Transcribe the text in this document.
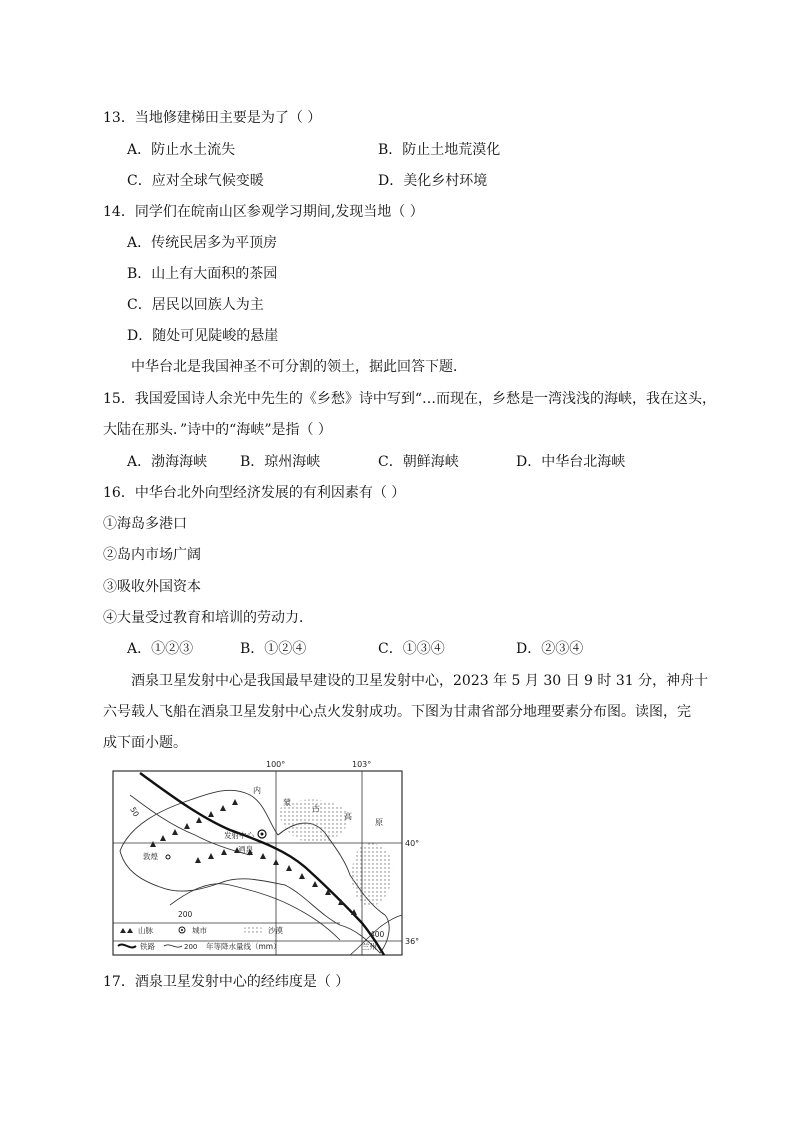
13．当地修建梯田主要是为了（ ）
A．防止水土流失	B．防止土地荒漠化
C．应对全球气候变暖	D．美化乡村环境
14．同学们在皖南山区参观学习期间,发现当地（ ）
A．传统民居多为平顶房
B．山上有大面积的茶园
C．居民以回族人为主
D．随处可见陡峻的悬崖
中华台北是我国神圣不可分割的领土，据此回答下题．
15．我国爱国诗人余光中先生的《乡愁》诗中写到“…而现在，乡愁是一湾浅浅的海峡，我在这头，
大陆在那头．”诗中的“海峡”是指（ ）
A．渤海海峡 B．琼州海峡	C．朝鲜海峡	D．中华台北海峡
16．中华台北外向型经济发展的有利因素有（ ）
①海岛多港口
②岛内市场广阔
③吸收外国资本
④大量受过教育和培训的劳动力．
A．①②③	B．①②④	C．①③④	D．②③④
酒泉卫星发射中心是我国最早建设的卫星发射中心，2023 年 5 月 30 日 9 时 31 分，神舟十
六号载人飞船在酒泉卫星发射中心点火发射成功。下图为甘肃省部分地理要素分布图。读图，完
成下面小题。
100°	103°
40°
36°
内
蒙
古
高
原
发射中心
酒泉
敦煌
兰州
50
200
400
山脉	城市	沙漠
铁路	200 年等降水量线（mm）
17．酒泉卫星发射中心的经纬度是（ ）
